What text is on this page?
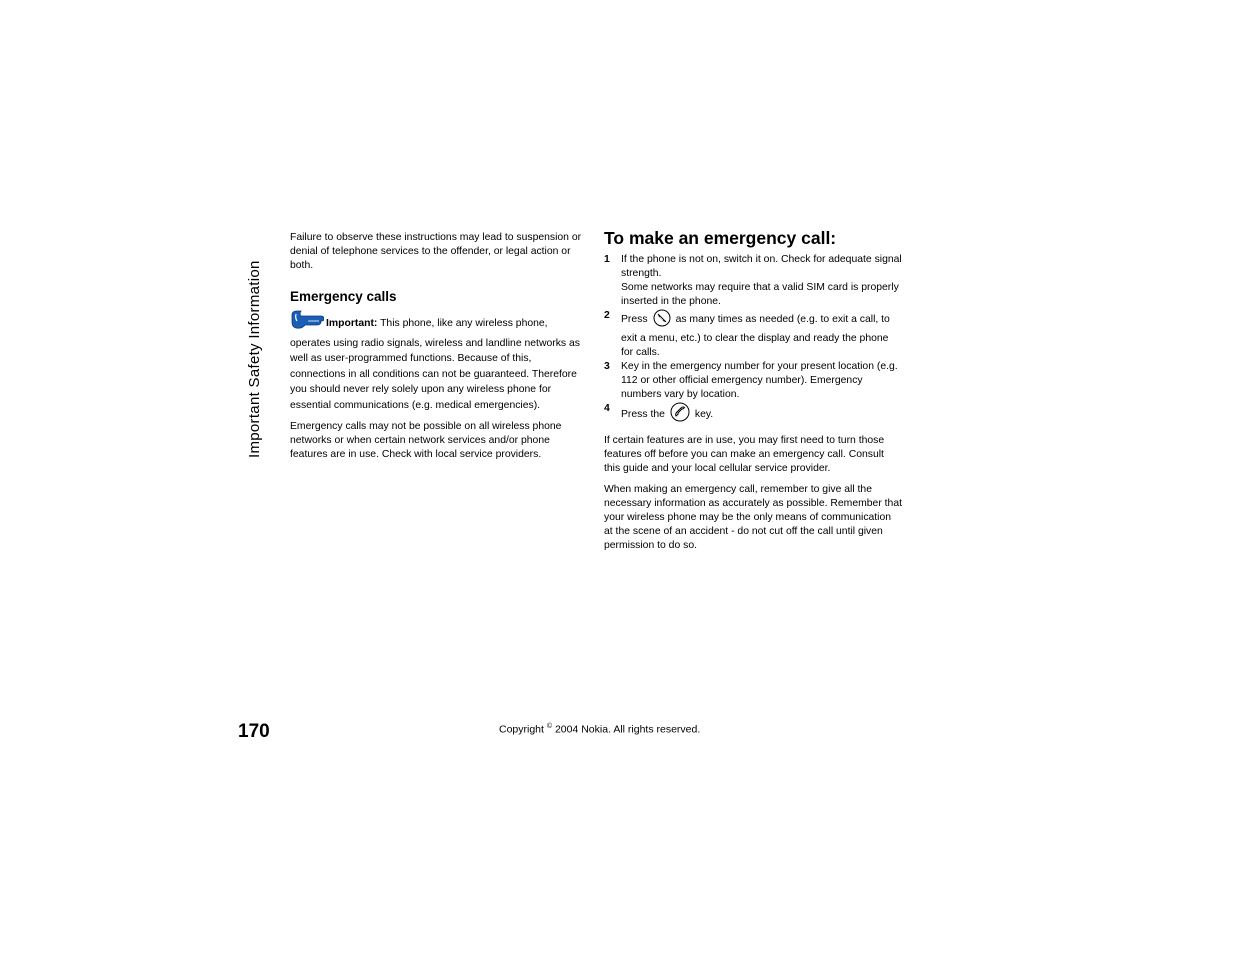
Important Safety Information

Failure to observe these instructions may lead to suspension or denial of telephone services to the offender, or legal action or both.

Emergency calls

Important: This phone, like any wireless phone, operates using radio signals, wireless and landline networks as well as user-programmed functions. Because of this, connections in all conditions can not be guaranteed. Therefore you should never rely solely upon any wireless phone for essential communications (e.g. medical emergencies).

Emergency calls may not be possible on all wireless phone networks or when certain network services and/or phone features are in use. Check with local service providers.

To make an emergency call:
1 If the phone is not on, switch it on. Check for adequate signal strength.
Some networks may require that a valid SIM card is properly inserted in the phone.
2 Press	as many times as needed (e.g. to exit a call, to exit a menu, etc.) to clear the display and ready the phone for calls.
3 Key in the emergency number for your present location (e.g. 112 or other official emergency number). Emergency numbers vary by location.
4
Press the	key.

If certain features are in use, you may first need to turn those features off before you can make an emergency call. Consult this guide and your local cellular service provider.

When making an emergency call, remember to give all the necessary information as accurately as possible. Remember that your wireless phone may be the only means of communication at the scene of an accident - do not cut off the call until given permission to do so.

170	Copyright © 2004 Nokia. All rights reserved.
